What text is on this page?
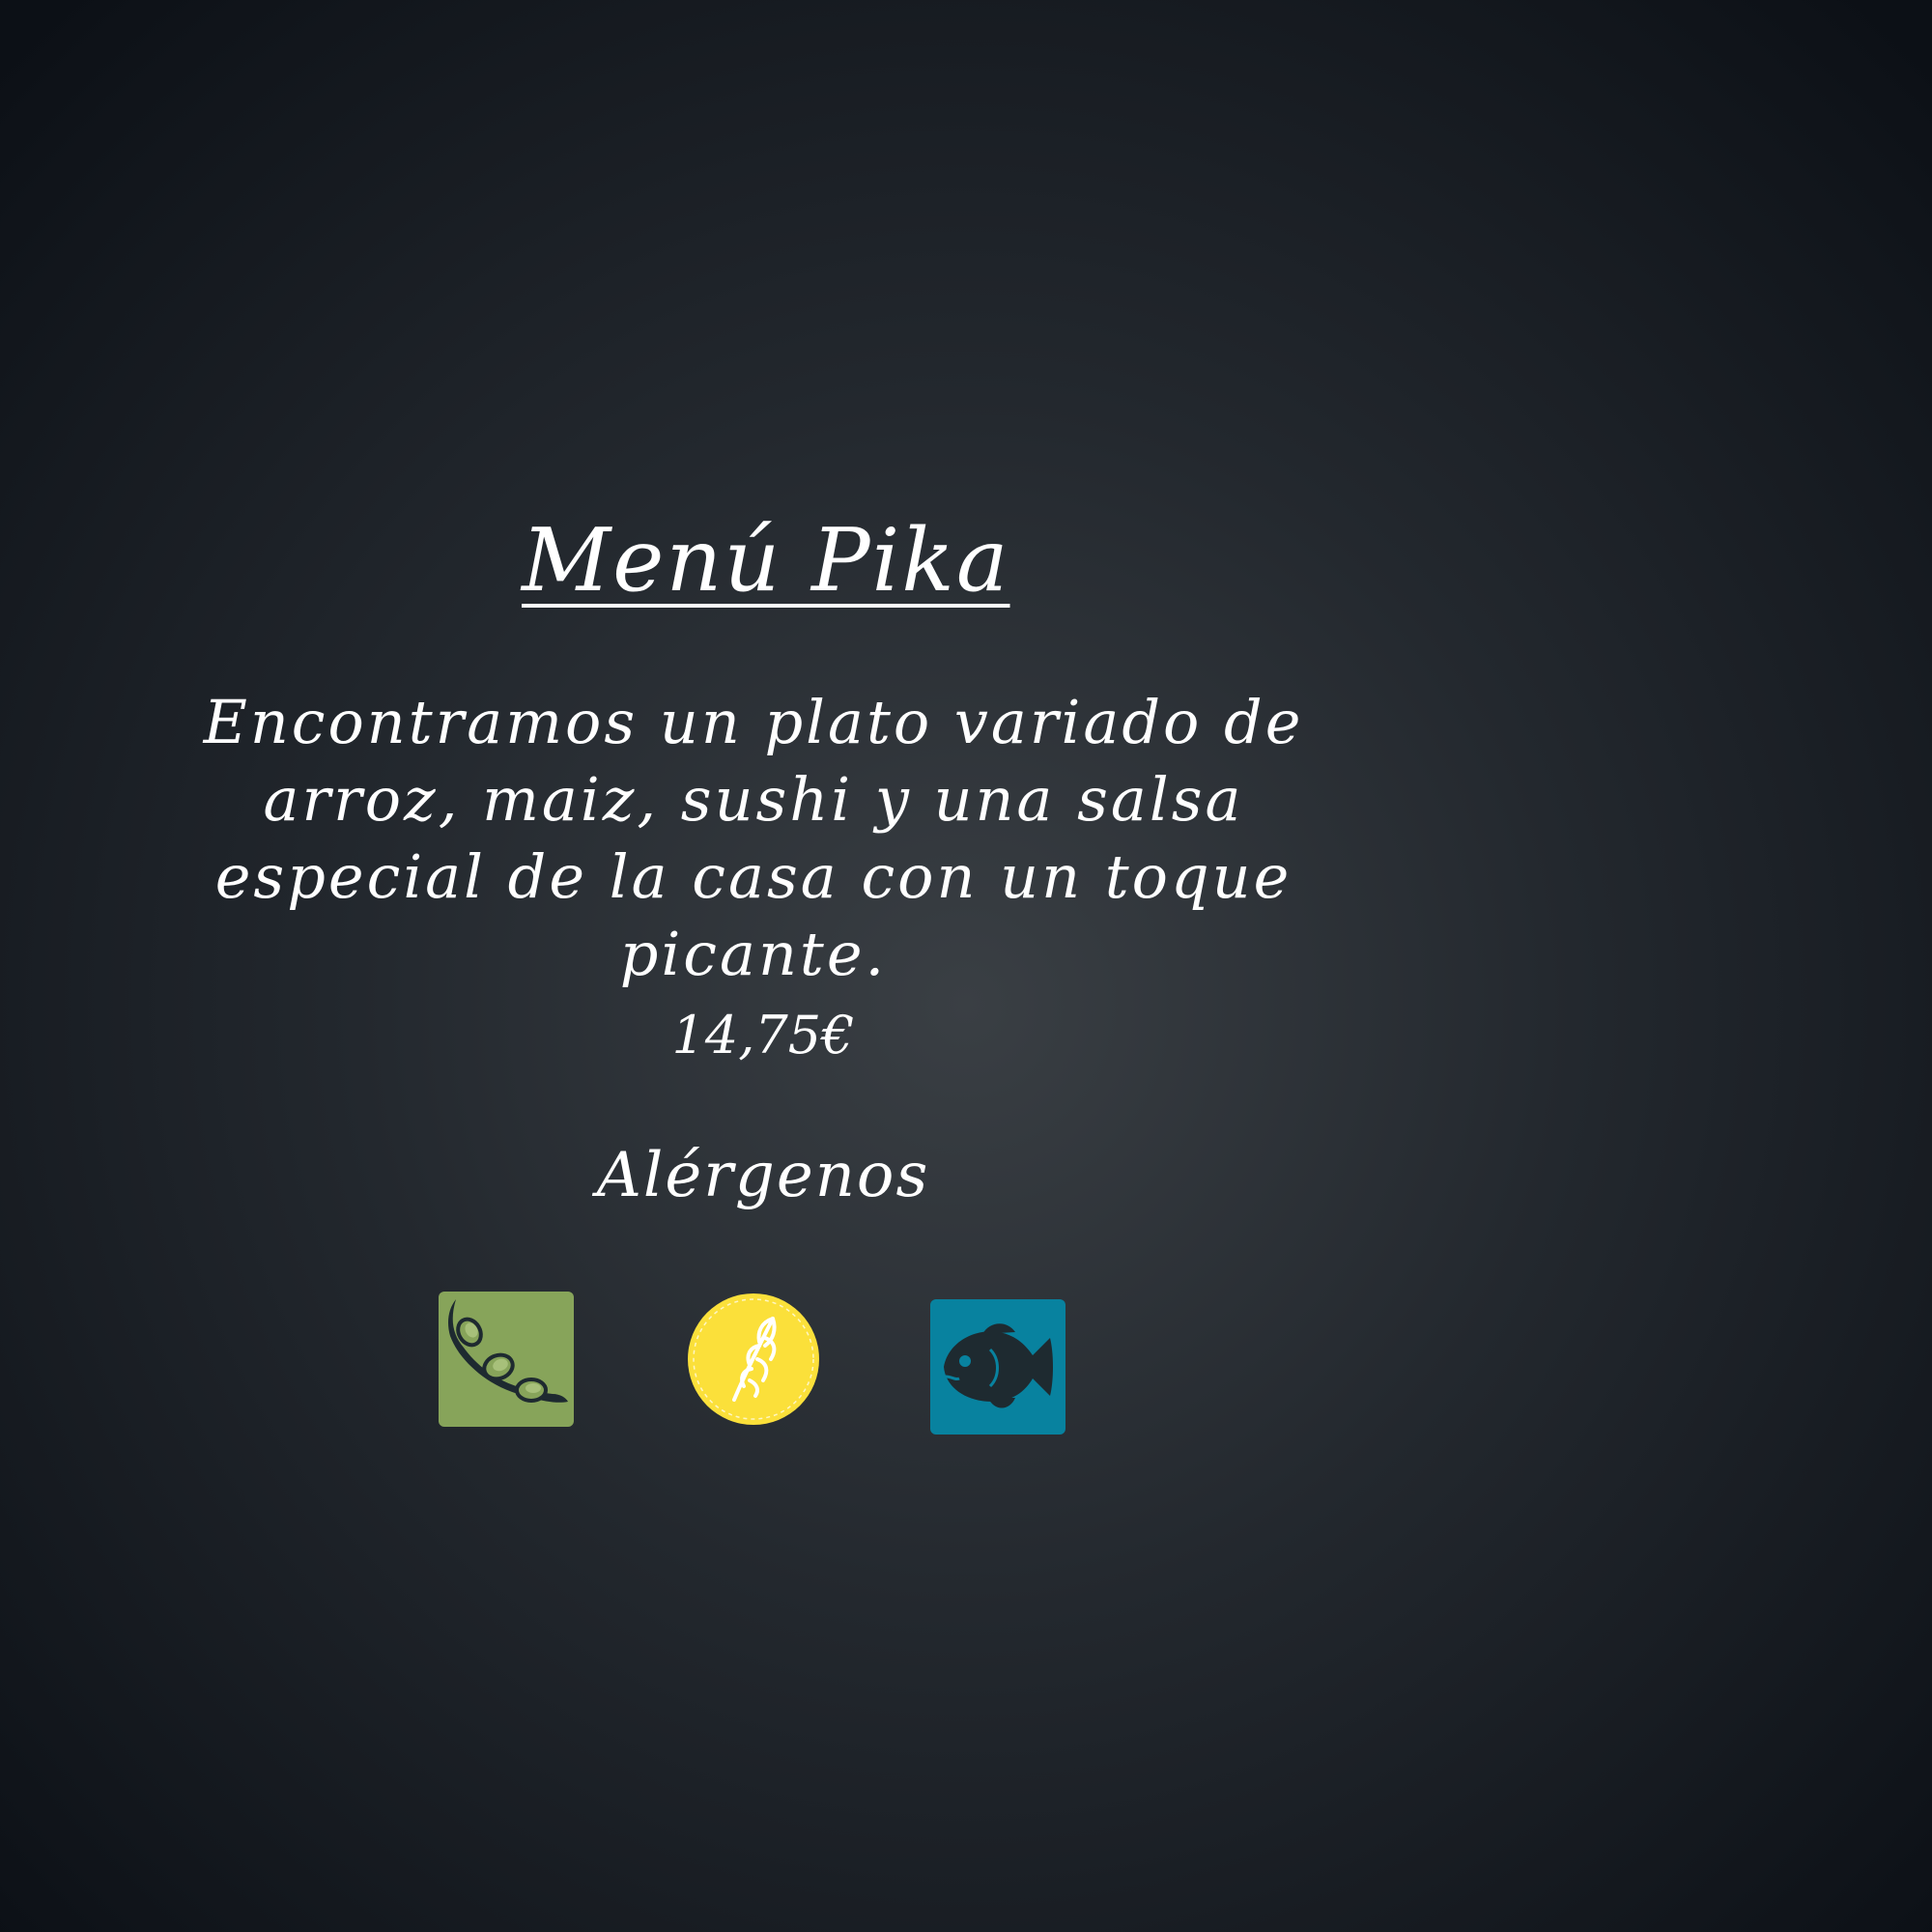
Menú Pika
Encontramos un plato variado de arroz, maiz, sushi y una salsa especial de la casa con un toque picante.
14,75€
Alérgenos
